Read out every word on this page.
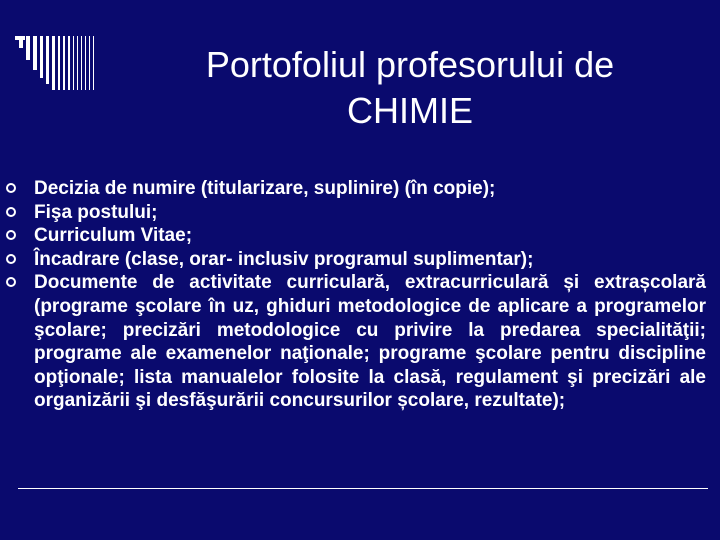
Portofoliul profesorului de
CHIMIE
Decizia de numire (titularizare, suplinire) (în copie);
Fişa postului;
Curriculum Vitae;
Încadrare (clase, orar- inclusiv programul suplimentar);
Documente de activitate curriculară, extracurriculară și extrașcolară (programe şcolare în uz, ghiduri metodologice de aplicare a programelor şcolare; precizări metodologice cu privire la predarea specialităţii; programe ale examenelor naţionale; programe şcolare pentru discipline opţionale; lista manualelor folosite la clasă, regulament şi precizări ale organizării şi desfăşurării concursurilor școlare, rezultate);
